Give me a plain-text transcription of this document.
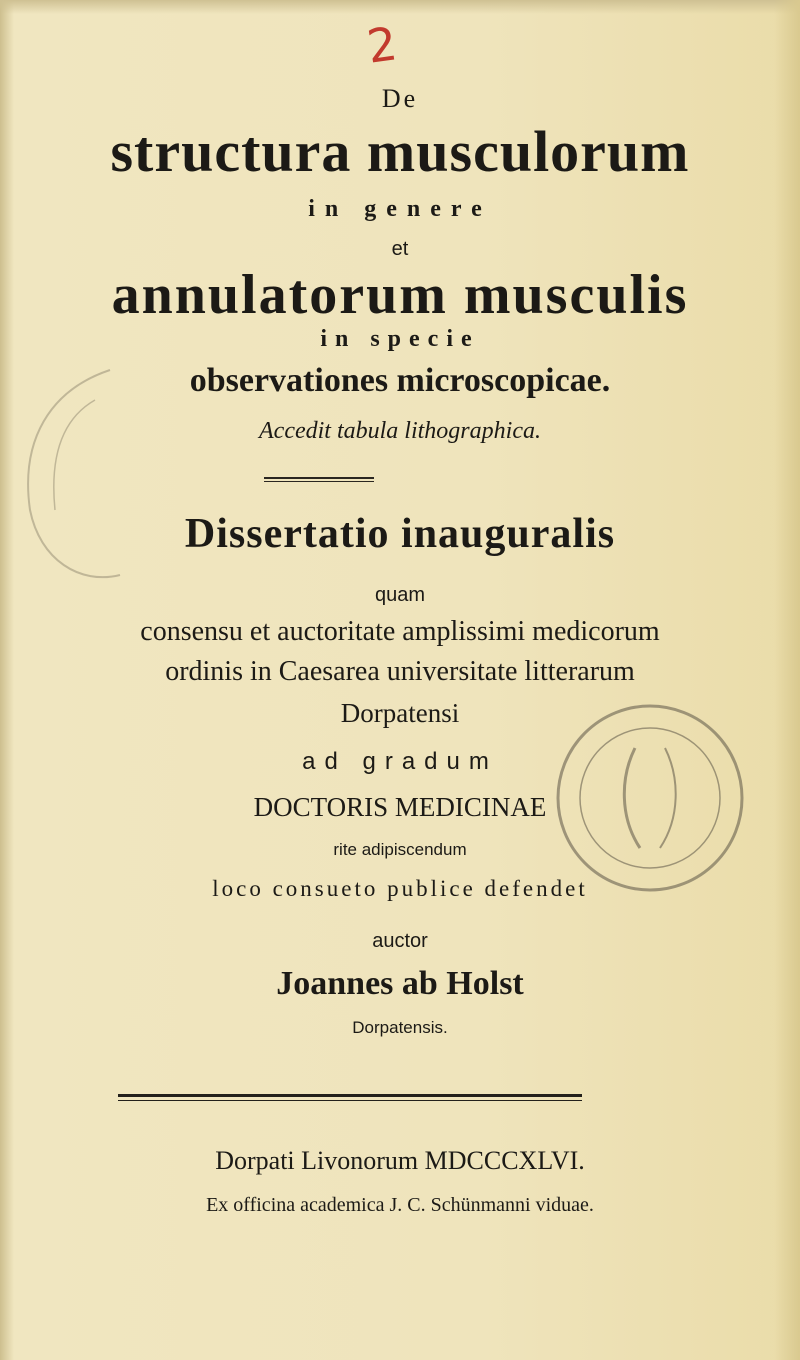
2
De
structura musculorum
in genere
et
annulatorum musculis
in specie
observationes microscopicae.
Accedit tabula lithographica.
Dissertatio inauguralis
quam
consensu et auctoritate amplissimi medicorum
ordinis in Caesarea universitate litterarum
Dorpatensi
ad gradum
DOCTORIS MEDICINAE
rite adipiscendum
loco consueto publice defendet
auctor
Joannes ab Holst
Dorpatensis.
Dorpati Livonorum MDCCCXLVI.
Ex officina academica J. C. Schünmanni viduae.
